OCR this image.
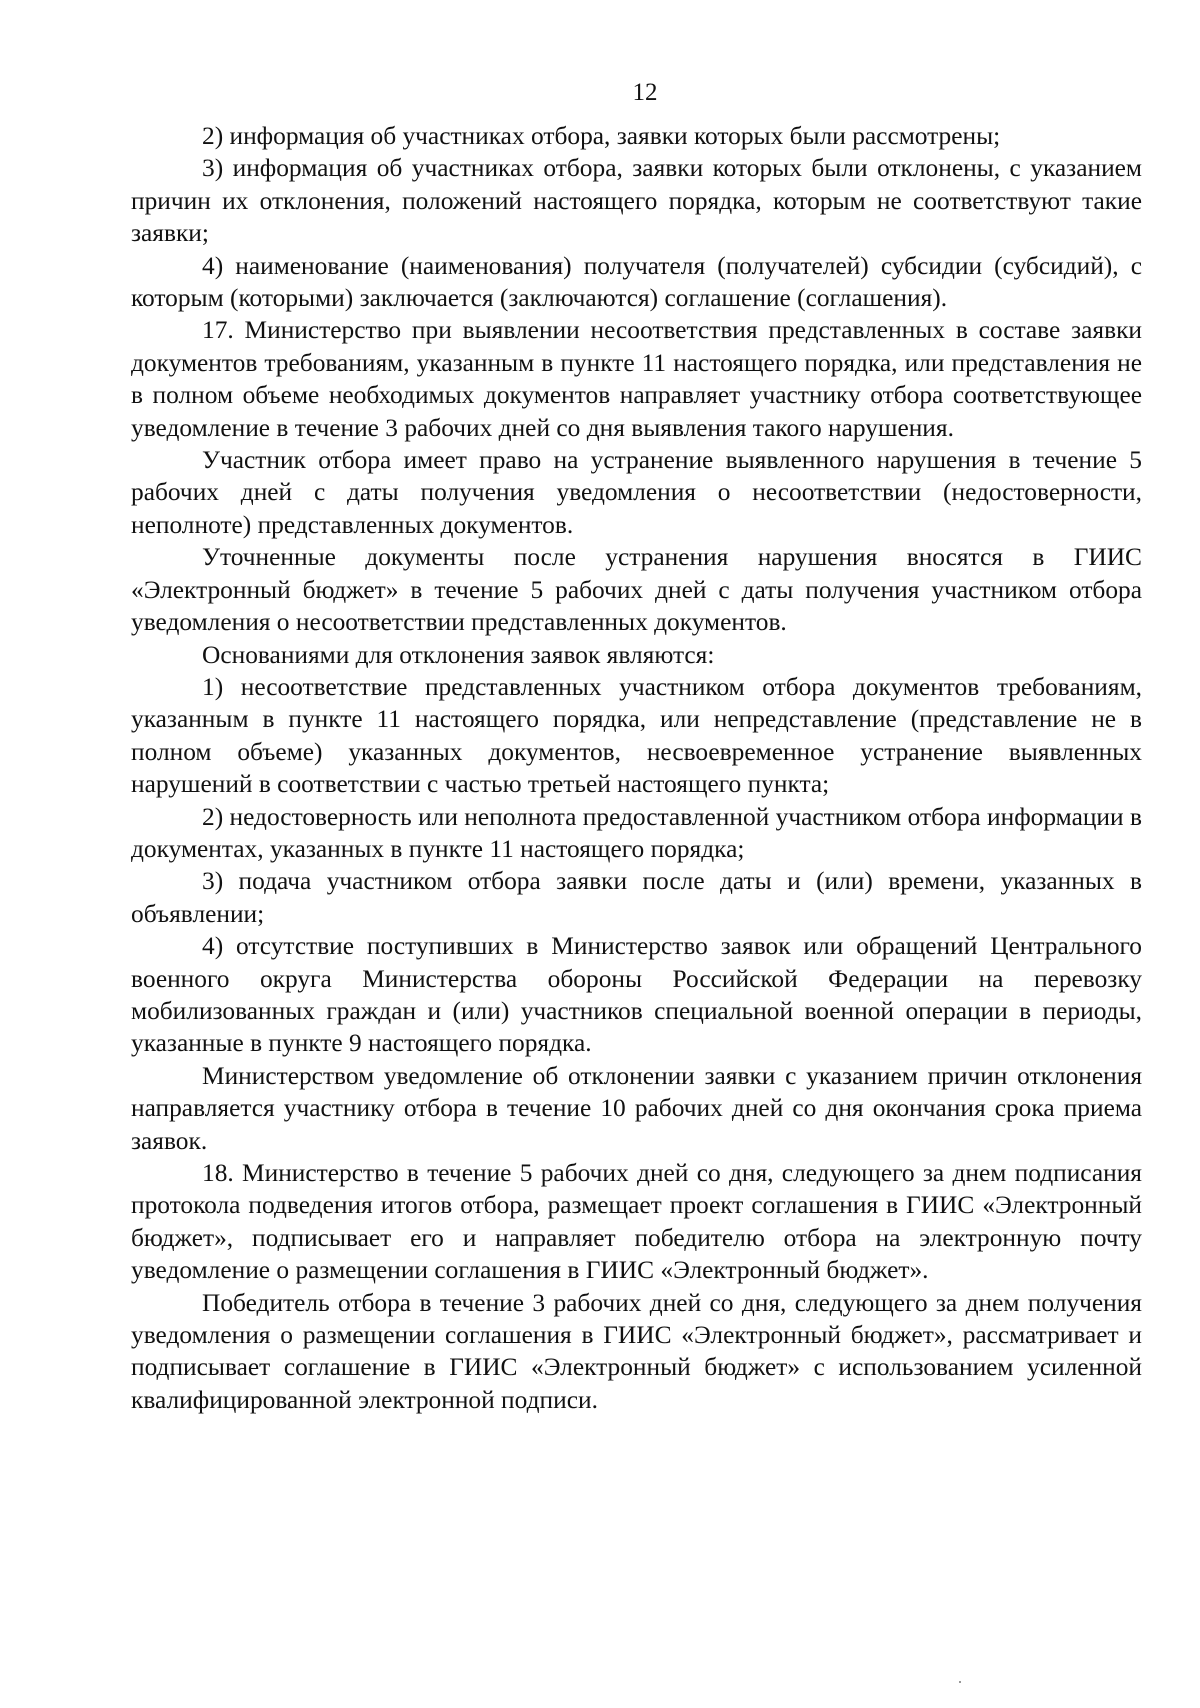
12

2) информация об участниках отбора, заявки которых были рассмотрены;

3) информация об участниках отбора, заявки которых были отклонены, с указанием причин их отклонения, положений настоящего порядка, которым не соответствуют такие заявки;

4) наименование (наименования) получателя (получателей) субсидии (субсидий), с которым (которыми) заключается (заключаются) соглашение (соглашения).

17. Министерство при выявлении несоответствия представленных в составе заявки документов требованиям, указанным в пункте 11 настоящего порядка, или представления не в полном объеме необходимых документов направляет участнику отбора соответствующее уведомление в течение 3 рабочих дней со дня выявления такого нарушения.

Участник отбора имеет право на устранение выявленного нарушения в течение 5 рабочих дней с даты получения уведомления о несоответствии (недостоверности, неполноте) представленных документов.

Уточненные документы после устранения нарушения вносятся в ГИИС «Электронный бюджет» в течение 5 рабочих дней с даты получения участником отбора уведомления о несоответствии представленных документов.

Основаниями для отклонения заявок являются:

1) несоответствие представленных участником отбора документов требованиям, указанным в пункте 11 настоящего порядка, или непредставление (представление не в полном объеме) указанных документов, несвоевременное устранение выявленных нарушений в соответствии с частью третьей настоящего пункта;

2) недостоверность или неполнота предоставленной участником отбора информации в документах, указанных в пункте 11 настоящего порядка;

3) подача участником отбора заявки после даты и (или) времени, указанных в объявлении;

4) отсутствие поступивших в Министерство заявок или обращений Центрального военного округа Министерства обороны Российской Федерации на перевозку мобилизованных граждан и (или) участников специальной военной операции в периоды, указанные в пункте 9 настоящего порядка.

Министерством уведомление об отклонении заявки с указанием причин отклонения направляется участнику отбора в течение 10 рабочих дней со дня окончания срока приема заявок.

18. Министерство в течение 5 рабочих дней со дня, следующего за днем подписания протокола подведения итогов отбора, размещает проект соглашения в ГИИС «Электронный бюджет», подписывает его и направляет победителю отбора на электронную почту уведомление о размещении соглашения в ГИИС «Электронный бюджет».

Победитель отбора в течение 3 рабочих дней со дня, следующего за днем получения уведомления о размещении соглашения в ГИИС «Электронный бюджет», рассматривает и подписывает соглашение в ГИИС «Электронный бюджет» с использованием усиленной квалифицированной электронной подписи.
